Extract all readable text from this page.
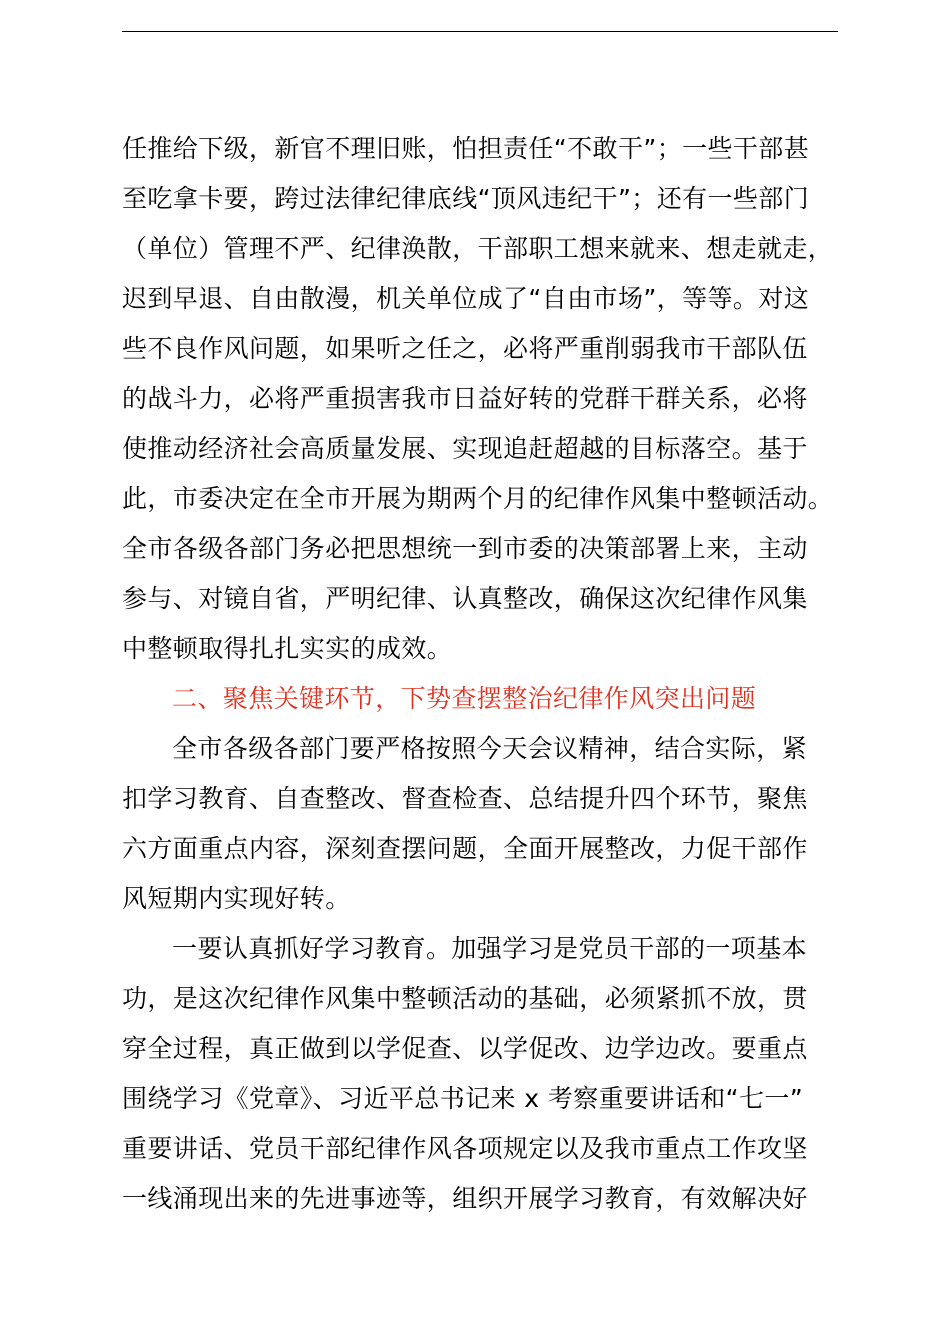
任推给下级，新官不理旧账，怕担责任“不敢干”；一些干部甚
至吃拿卡要，跨过法律纪律底线“顶风违纪干”；还有一些部门
（单位）管理不严、纪律涣散，干部职工想来就来、想走就走，
迟到早退、自由散漫，机关单位成了“自由市场”，等等。对这
些不良作风问题，如果听之任之，必将严重削弱我市干部队伍
的战斗力，必将严重损害我市日益好转的党群干群关系，必将
使推动经济社会高质量发展、实现追赶超越的目标落空。基于
此，市委决定在全市开展为期两个月的纪律作风集中整顿活动。
全市各级各部门务必把思想统一到市委的决策部署上来，主动
参与、对镜自省，严明纪律、认真整改，确保这次纪律作风集
中整顿取得扎扎实实的成效。
二、聚焦关键环节，下势查摆整治纪律作风突出问题
全市各级各部门要严格按照今天会议精神，结合实际，紧
扣学习教育、自查整改、督查检查、总结提升四个环节，聚焦
六方面重点内容，深刻查摆问题，全面开展整改，力促干部作
风短期内实现好转。
一要认真抓好学习教育。加强学习是党员干部的一项基本
功，是这次纪律作风集中整顿活动的基础，必须紧抓不放，贯
穿全过程，真正做到以学促查、以学促改、边学边改。要重点
围绕学习《党章》、习近平总书记来 x 考察重要讲话和“七一”
重要讲话、党员干部纪律作风各项规定以及我市重点工作攻坚
一线涌现出来的先进事迹等，组织开展学习教育，有效解决好
